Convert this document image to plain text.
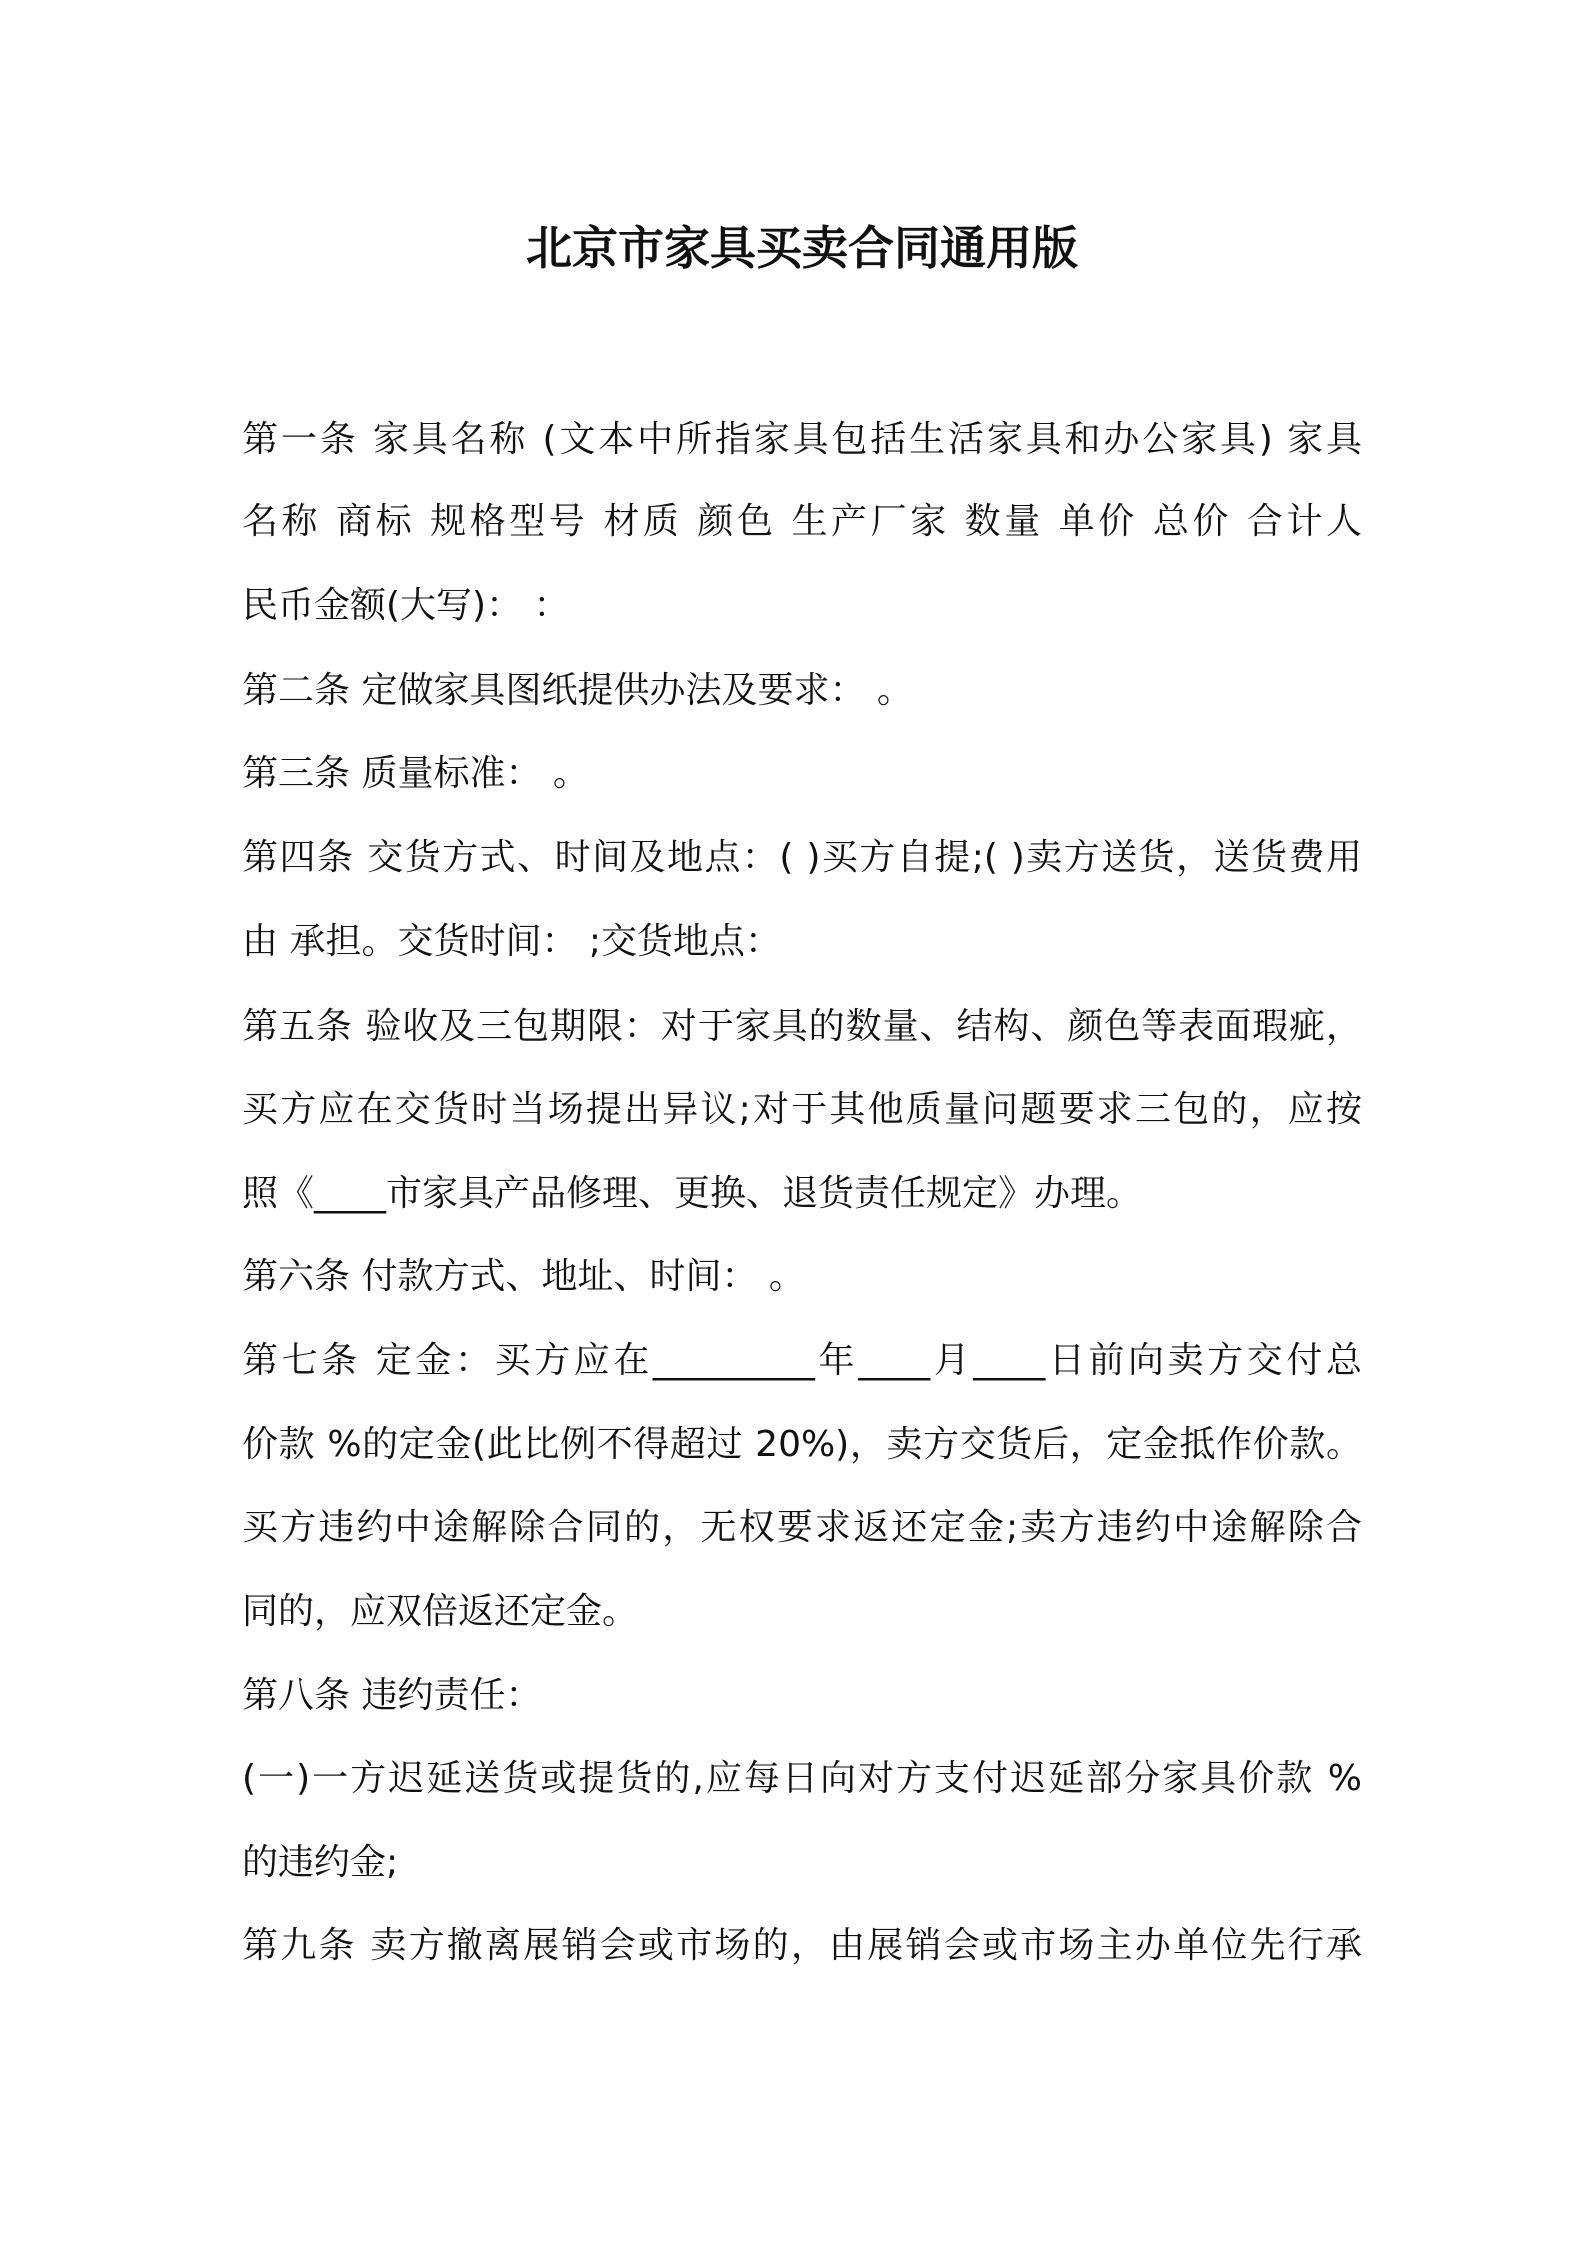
北京市家具买卖合同通用版
第一条 家具名称 (文本中所指家具包括生活家具和办公家具) 家具
名称 商标 规格型号 材质 颜色 生产厂家 数量 单价 总价 合计人
民币金额(大写)： ：
第二条 定做家具图纸提供办法及要求： 。
第三条 质量标准： 。
第四条 交货方式、时间及地点：( )买方自提;( )卖方送货，送货费用
由 承担。交货时间： ;交货地点：
第五条 验收及三包期限：对于家具的数量、结构、颜色等表面瑕疵，
买方应在交货时当场提出异议;对于其他质量问题要求三包的，应按
照《____市家具产品修理、更换、退货责任规定》办理。
第六条 付款方式、地址、时间： 。
第七条 定金：买方应在_________年____月____日前向卖方交付总
价款 %的定金(此比例不得超过 20%)，卖方交货后，定金抵作价款。
买方违约中途解除合同的，无权要求返还定金;卖方违约中途解除合
同的，应双倍返还定金。
第八条 违约责任：
(一)一方迟延送货或提货的,应每日向对方支付迟延部分家具价款 %
的违约金;
第九条 卖方撤离展销会或市场的，由展销会或市场主办单位先行承
